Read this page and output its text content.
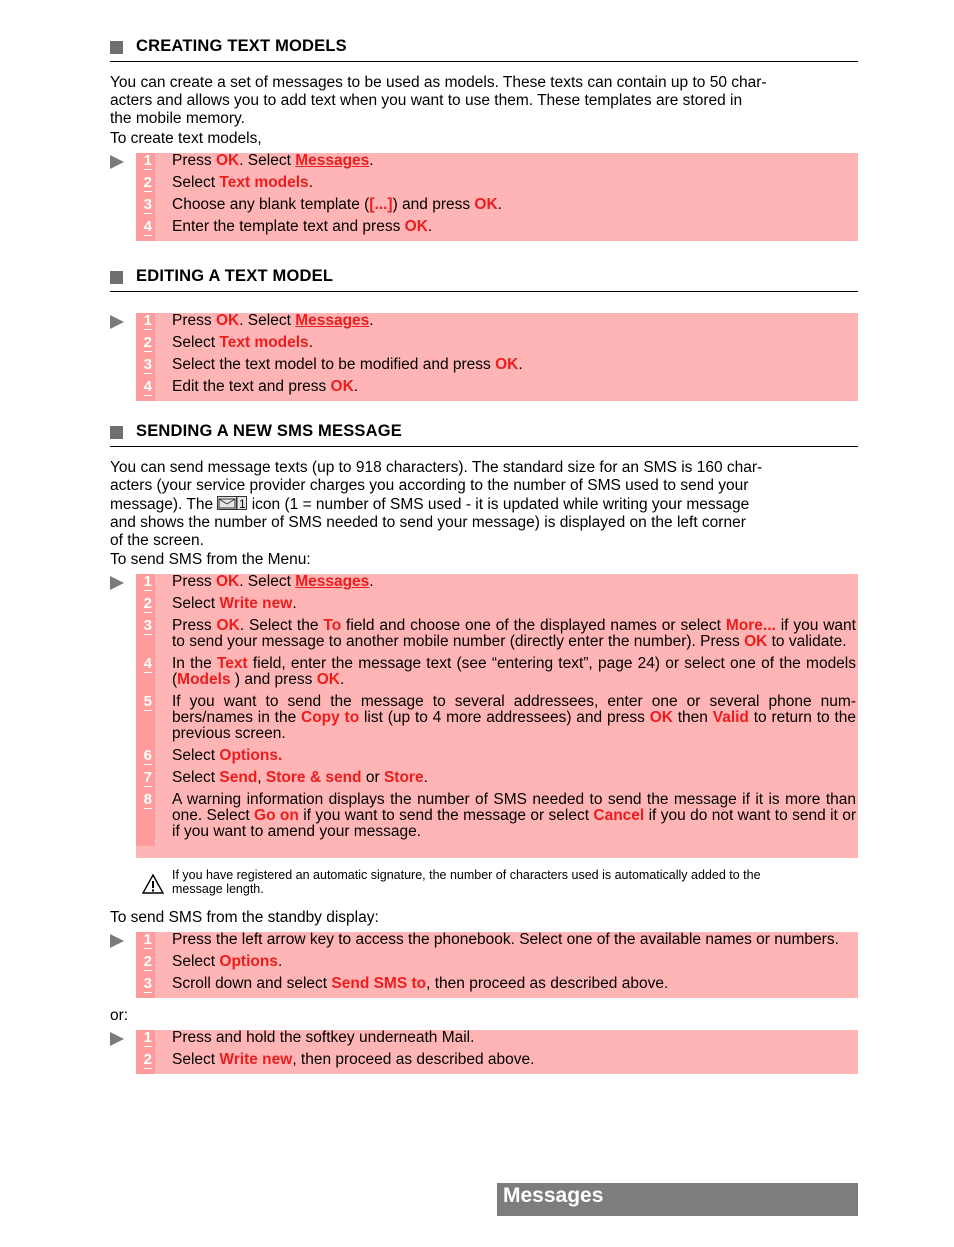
CREATING TEXT MODELS
You can create a set of messages to be used as models. These texts can contain up to 50 char-
acters and allows you to add text when you want to use them. These templates are stored in
the mobile memory.
To create text models,
1 Press OK. Select Messages.
2 Select Text models.
3 Choose any blank template ([...]) and press OK.
4 Enter the template text and press OK.
EDITING A TEXT MODEL
1 Press OK. Select Messages.
2 Select Text models.
3 Select the text model to be modified and press OK.
4 Edit the text and press OK.
SENDING A NEW SMS MESSAGE
You can send message texts (up to 918 characters). The standard size for an SMS is 160 char-
acters (your service provider charges you according to the number of SMS used to send your
message). The 1 icon (1 = number of SMS used - it is updated while writing your message
and shows the number of SMS needed to send your message) is displayed on the left corner
of the screen.
To send SMS from the Menu:
1 Press OK. Select Messages.
2 Select Write new.
3 Press OK. Select the To field and choose one of the displayed names or select More... if you want to send your message to another mobile number (directly enter the number). Press OK to validate.
4 In the Text field, enter the message text (see “entering text”, page 24) or select one of the models (Models ) and press OK.
5 If you want to send the message to several addressees, enter one or several phone num-bers/names in the Copy to list (up to 4 more addressees) and press OK then Valid to return to the previous screen.
6 Select Options.
7 Select Send, Store & send or Store.
8 A warning information displays the number of SMS needed to send the message if it is more than one. Select Go on if you want to send the message or select Cancel if you do not want to send it or if you want to amend your message.
If you have registered an automatic signature, the number of characters used is automatically added to the
message length.
To send SMS from the standby display:
1 Press the left arrow key to access the phonebook. Select one of the available names or numbers.
2 Select Options.
3 Scroll down and select Send SMS to, then proceed as described above.
or:
1 Press and hold the softkey underneath Mail.
2 Select Write new, then proceed as described above.
Messages
